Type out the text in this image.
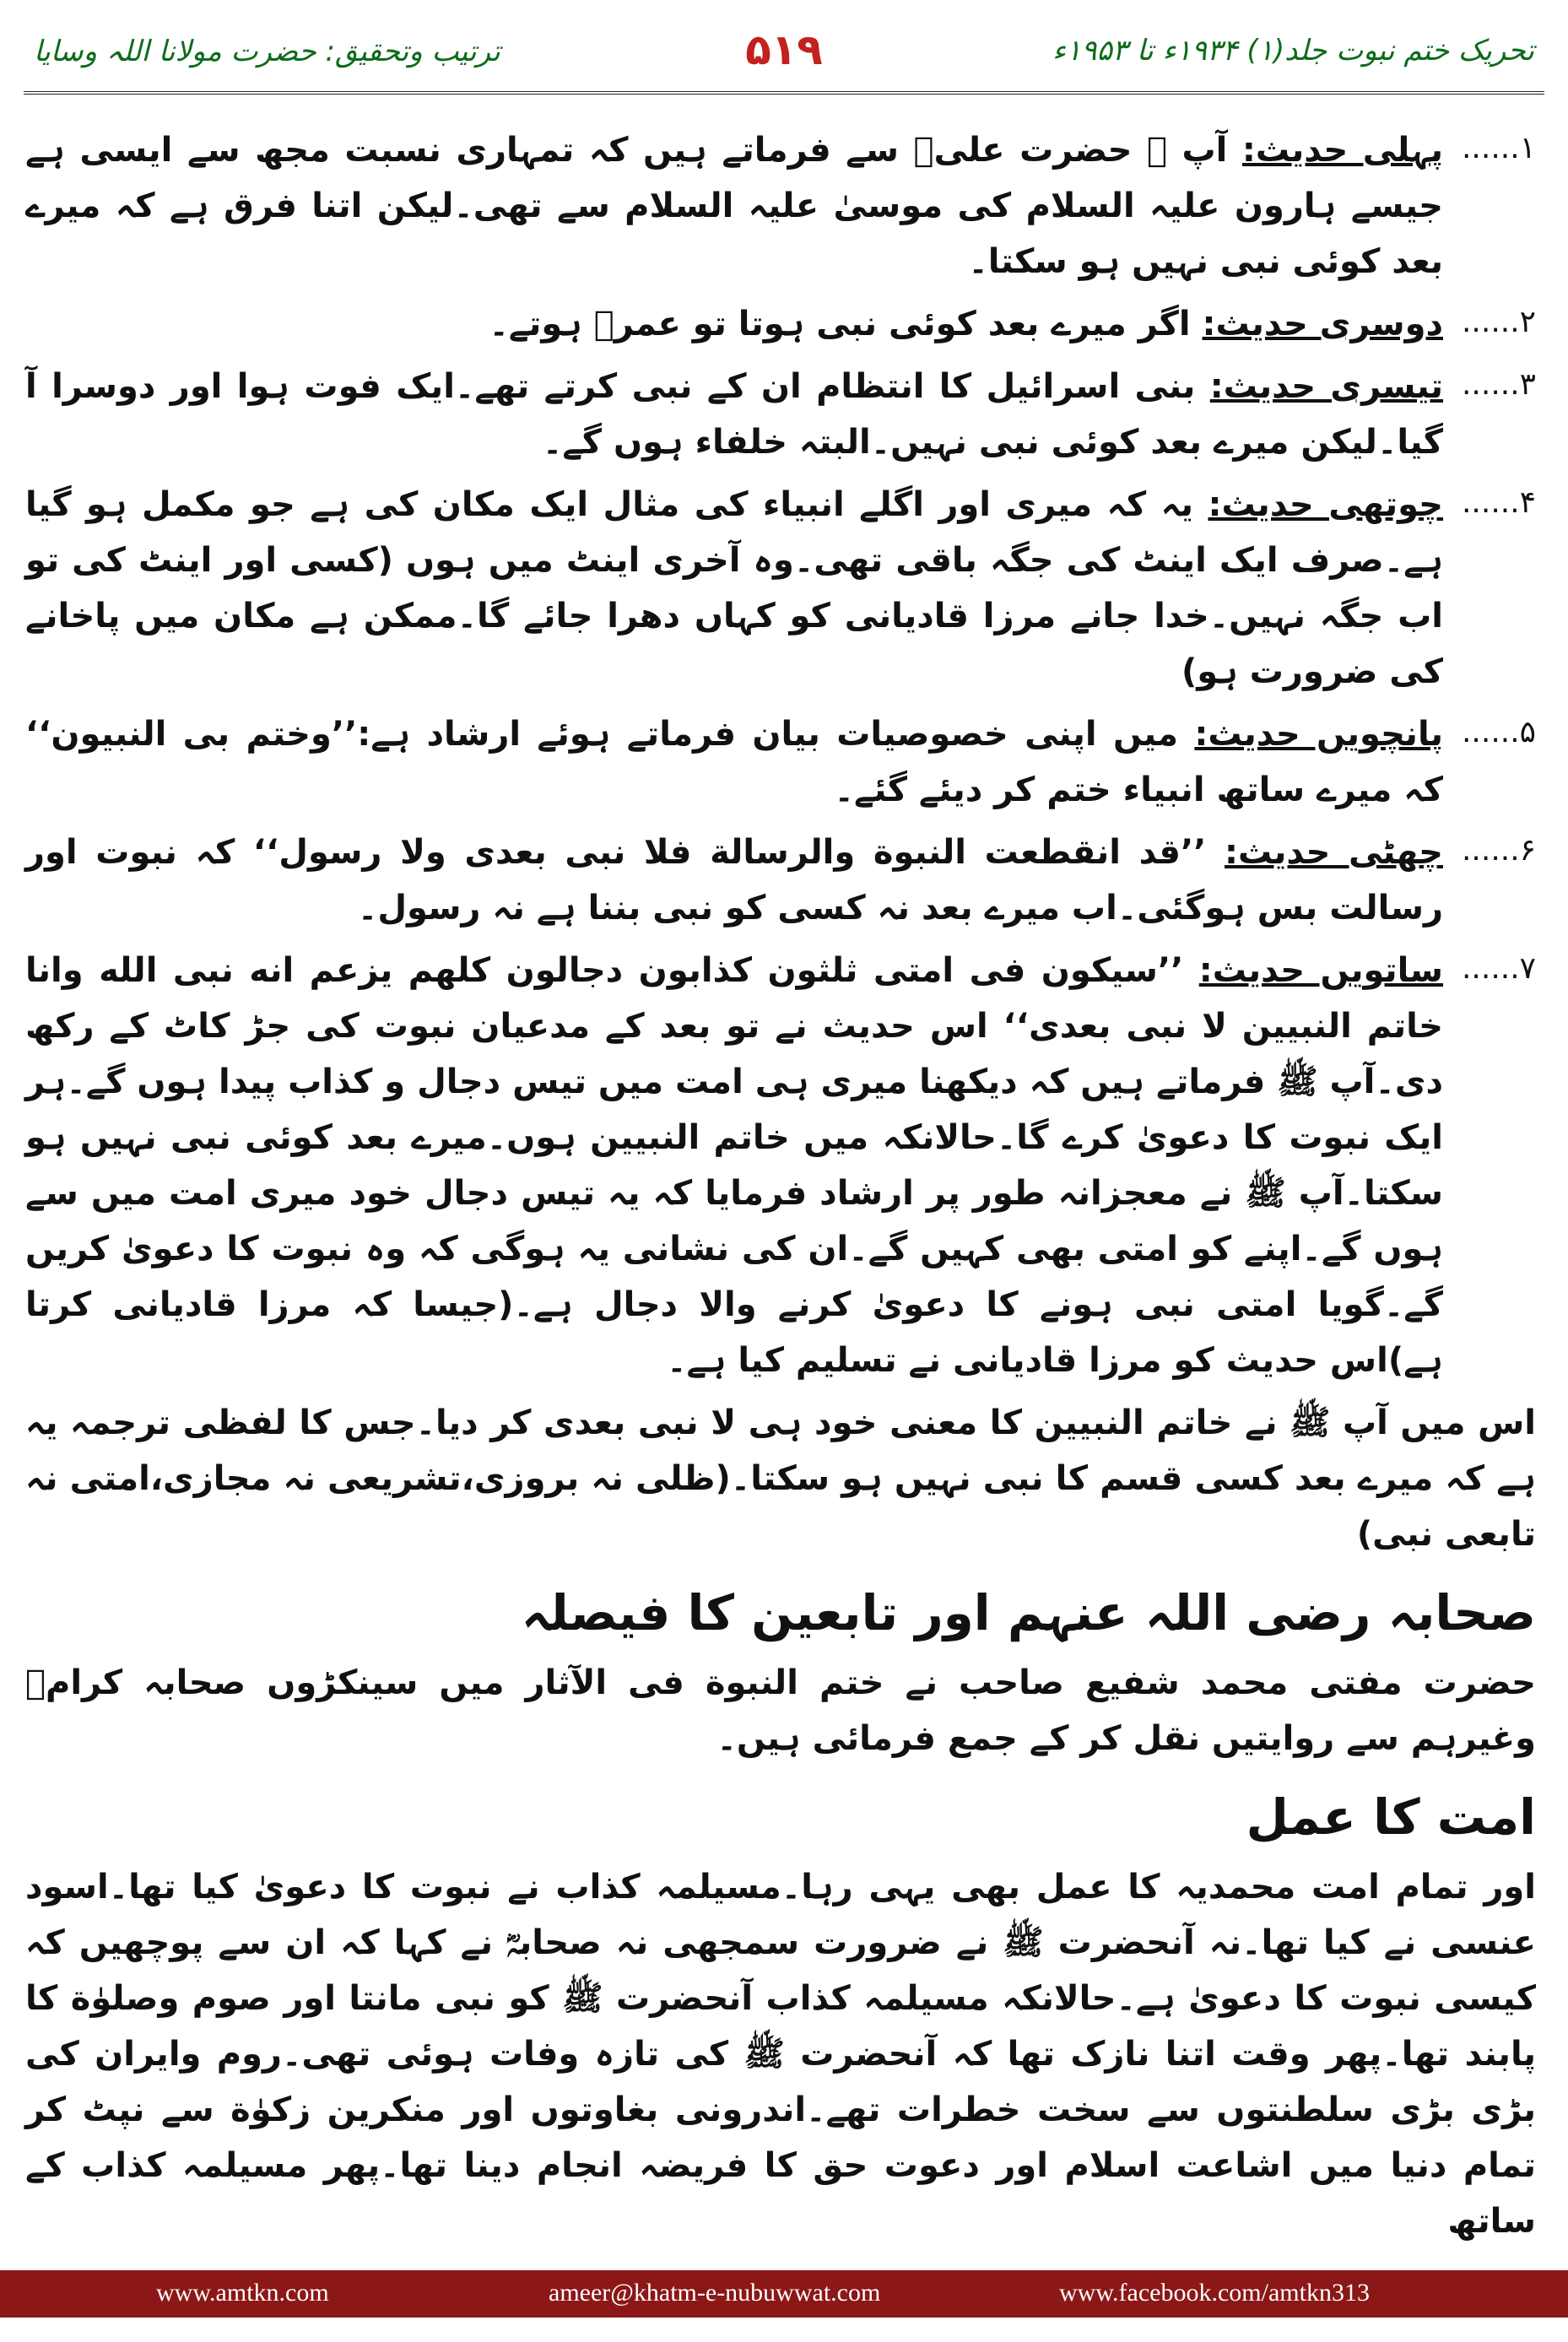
تحریک ختم نبوت جلد(۱) ۱۹۳۴ء تا ۱۹۵۳ء
۵۱۹
ترتیب وتحقیق: حضرت مولانا اللہ وسایا
۱......
پہلی حدیث: آپ ﷺ حضرت علیؓ سے فرماتے ہیں کہ تمہاری نسبت مجھ سے ایسی ہے جیسے ہارون علیہ السلام کی موسیٰ علیہ السلام سے تھی۔لیکن اتنا فرق ہے کہ میرے بعد کوئی نبی نہیں ہو سکتا۔
۲......
دوسری حدیث: اگر میرے بعد کوئی نبی ہوتا تو عمرؓ ہوتے۔
۳......
تیسری حدیث: بنی اسرائیل کا انتظام ان کے نبی کرتے تھے۔ایک فوت ہوا اور دوسرا آ گیا۔لیکن میرے بعد کوئی نبی نہیں۔البتہ خلفاء ہوں گے۔
۴......
چوتھی حدیث: یہ کہ میری اور اگلے انبیاء کی مثال ایک مکان کی ہے جو مکمل ہو گیا ہے۔صرف ایک اینٹ کی جگہ باقی تھی۔وہ آخری اینٹ میں ہوں (کسی اور اینٹ کی تو اب جگہ نہیں۔خدا جانے مرزا قادیانی کو کہاں دھرا جائے گا۔ممکن ہے مکان میں پاخانے کی ضرورت ہو)
۵......
پانچویں حدیث: میں اپنی خصوصیات بیان فرماتے ہوئے ارشاد ہے:’’وختم بی النبیون‘‘ کہ میرے ساتھ انبیاء ختم کر دیئے گئے۔
۶......
چھٹی حدیث: ’’قد انقطعت النبوة والرسالة فلا نبی بعدی ولا رسول‘‘ کہ نبوت اور رسالت بس ہوگئی۔اب میرے بعد نہ کسی کو نبی بننا ہے نہ رسول۔
۷......
ساتویں حدیث: ’’سیکون فی امتی ثلثون کذابون دجالون کلهم یزعم انه نبی الله وانا خاتم النبیین لا نبی بعدی‘‘ اس حدیث نے تو بعد کے مدعیان نبوت کی جڑ کاٹ کے رکھ دی۔آپ ﷺ فرماتے ہیں کہ دیکھنا میری ہی امت میں تیس دجال و کذاب پیدا ہوں گے۔ہر ایک نبوت کا دعویٰ کرے گا۔حالانکہ میں خاتم النبیین ہوں۔میرے بعد کوئی نبی نہیں ہو سکتا۔آپ ﷺ نے معجزانہ طور پر ارشاد فرمایا کہ یہ تیس دجال خود میری امت میں سے ہوں گے۔اپنے کو امتی بھی کہیں گے۔ان کی نشانی یہ ہوگی کہ وہ نبوت کا دعویٰ کریں گے۔گویا امتی نبی ہونے کا دعویٰ کرنے والا دجال ہے۔(جیسا کہ مرزا قادیانی کرتا ہے)اس حدیث کو مرزا قادیانی نے تسلیم کیا ہے۔

اس میں آپ ﷺ نے خاتم النبیین کا معنی خود ہی لا نبی بعدی کر دیا۔جس کا لفظی ترجمہ یہ ہے کہ میرے بعد کسی قسم کا نبی نہیں ہو سکتا۔(ظلی نہ بروزی،تشریعی نہ مجازی،امتی نہ تابعی نبی)

صحابہ رضی اللہ عنہم اور تابعین کا فیصلہ

حضرت مفتی محمد شفیع صاحب نے ختم النبوة فی الآثار میں سینکڑوں صحابہ کرامؓ وغیرہم سے روایتیں نقل کر کے جمع فرمائی ہیں۔

امت کا عمل

اور تمام امت محمدیہ کا عمل بھی یہی رہا۔مسیلمہ کذاب نے نبوت کا دعویٰ کیا تھا۔اسود عنسی نے کیا تھا۔نہ آنحضرت ﷺ نے ضرورت سمجھی نہ صحابہؓ نے کہا کہ ان سے پوچھیں کہ کیسی نبوت کا دعویٰ ہے۔حالانکہ مسیلمہ کذاب آنحضرت ﷺ کو نبی مانتا اور صوم وصلوٰة کا پابند تھا۔پھر وقت اتنا نازک تھا کہ آنحضرت ﷺ کی تازہ وفات ہوئی تھی۔روم وایران کی بڑی بڑی سلطنتوں سے سخت خطرات تھے۔اندرونی بغاوتوں اور منکرین زکوٰة سے نپٹ کر تمام دنیا میں اشاعت اسلام اور دعوت حق کا فریضہ انجام دینا تھا۔پھر مسیلمہ کذاب کے ساتھ

www.amtkn.com	ameer@khatm-e-nubuwwat.com	www.facebook.com/amtkn313
